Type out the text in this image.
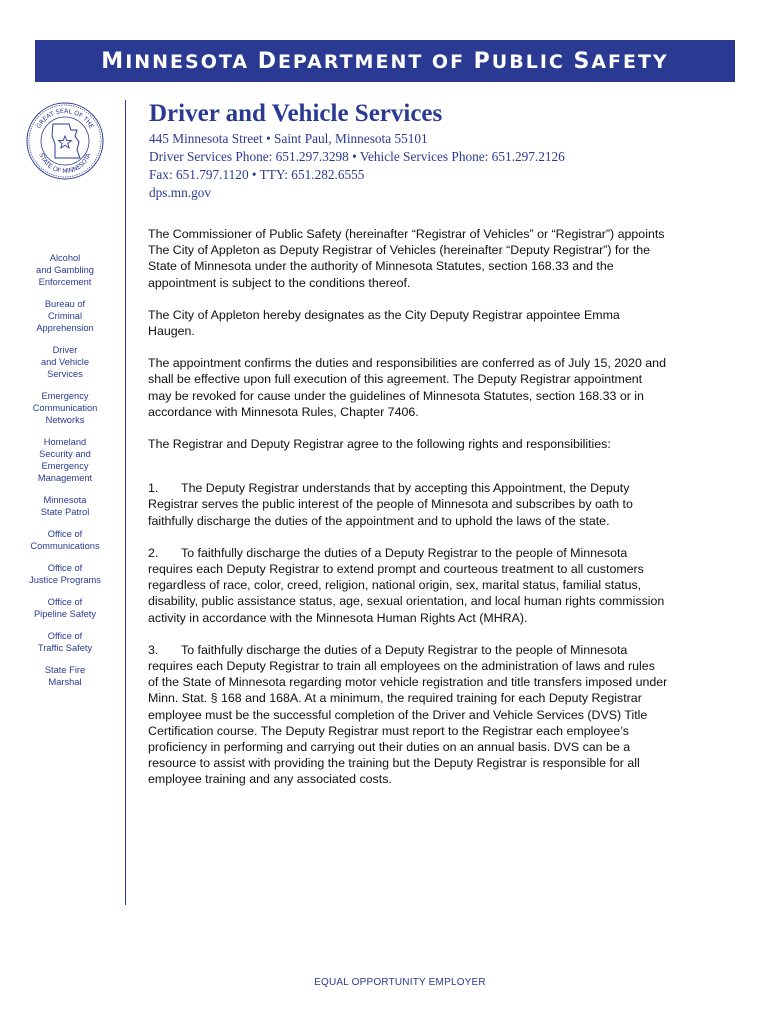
MINNESOTA DEPARTMENT OF PUBLIC SAFETY
GREAT SEAL OF THE
STATE OF MINNESOTA
Alcohol
and Gambling
Enforcement
Bureau of
Criminal
Apprehension
Driver
and Vehicle
Services
Emergency
Communication
Networks
Homeland
Security and
Emergency
Management
Minnesota
State Patrol
Office of
Communications
Office of
Justice Programs
Office of
Pipeline Safety
Office of
Traffic Safety
State Fire
Marshal
Driver and Vehicle Services
445 Minnesota Street • Saint Paul, Minnesota 55101
Driver Services Phone: 651.297.3298 • Vehicle Services Phone: 651.297.2126
Fax: 651.797.1120 • TTY: 651.282.6555
dps.mn.gov

The Commissioner of Public Safety (hereinafter “Registrar of Vehicles” or “Registrar”) appoints The City of Appleton as Deputy Registrar of Vehicles (hereinafter “Deputy Registrar”) for the State of Minnesota under the authority of Minnesota Statutes, section 168.33 and the appointment is subject to the conditions thereof.

The City of Appleton hereby designates as the City Deputy Registrar appointee Emma Haugen.

The appointment confirms the duties and responsibilities are conferred as of July 15, 2020 and shall be effective upon full execution of this agreement. The Deputy Registrar appointment may be revoked for cause under the guidelines of Minnesota Statutes, section 168.33 or in accordance with Minnesota Rules, Chapter 7406.

The Registrar and Deputy Registrar agree to the following rights and responsibilities:

1. The Deputy Registrar understands that by accepting this Appointment, the Deputy Registrar serves the public interest of the people of Minnesota and subscribes by oath to faithfully discharge the duties of the appointment and to uphold the laws of the state.
2. To faithfully discharge the duties of a Deputy Registrar to the people of Minnesota requires each Deputy Registrar to extend prompt and courteous treatment to all customers regardless of race, color, creed, religion, national origin, sex, marital status, familial status, disability, public assistance status, age, sexual orientation, and local human rights commission activity in accordance with the Minnesota Human Rights Act (MHRA).
3. To faithfully discharge the duties of a Deputy Registrar to the people of Minnesota requires each Deputy Registrar to train all employees on the administration of laws and rules of the State of Minnesota regarding motor vehicle registration and title transfers imposed under Minn. Stat. § 168 and 168A. At a minimum, the required training for each Deputy Registrar employee must be the successful completion of the Driver and Vehicle Services (DVS) Title Certification course. The Deputy Registrar must report to the Registrar each employee’s proficiency in performing and carrying out their duties on an annual basis. DVS can be a resource to assist with providing the training but the Deputy Registrar is responsible for all employee training and any associated costs.
EQUAL OPPORTUNITY EMPLOYER
